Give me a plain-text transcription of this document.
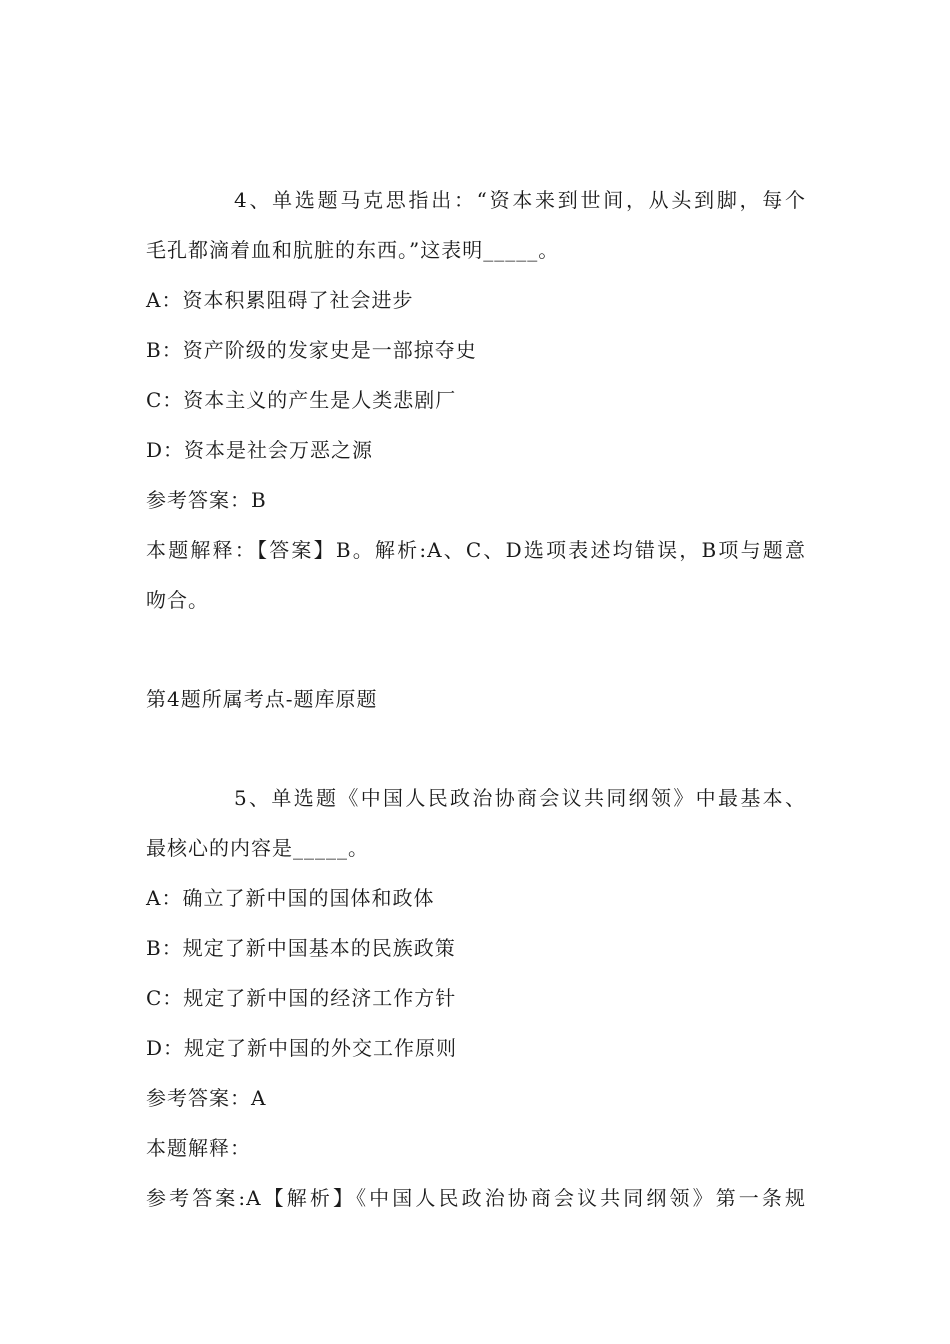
4、单选题马克思指出：“资本来到世间，从头到脚，每个
毛孔都滴着血和肮脏的东西。”这表明_____。
A：资本积累阻碍了社会进步
B：资产阶级的发家史是一部掠夺史
C：资本主义的产生是人类悲剧厂
D：资本是社会万恶之源
参考答案：B
本题解释：【答案】B。解析:A、C、D选项表述均错误，B项与题意
吻合。
第4题所属考点-题库原题
5、单选题《中国人民政治协商会议共同纲领》中最基本、
最核心的内容是_____。
A：确立了新中国的国体和政体
B：规定了新中国基本的民族政策
C：规定了新中国的经济工作方针
D：规定了新中国的外交工作原则
参考答案：A
本题解释：
参考答案:A【解析】《中国人民政治协商会议共同纲领》第一条规
